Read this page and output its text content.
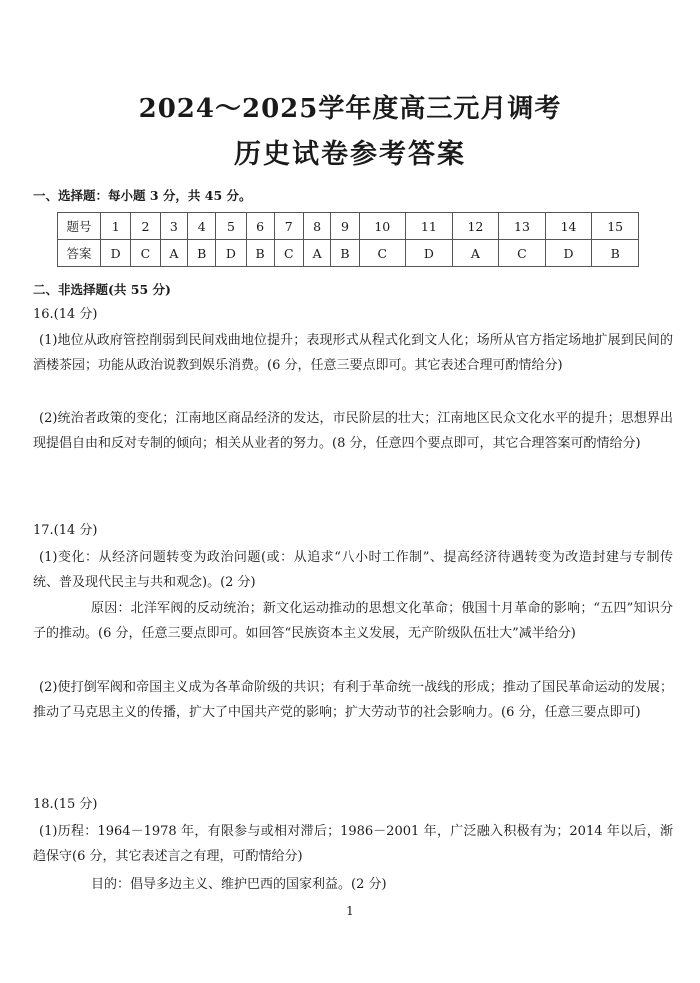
2024～2025学年度高三元月调考
历史试卷参考答案
一、选择题：每小题 3 分，共 45 分。
题号	1	2	3	4	5	6	7	8	9	10	11	12	13	14	15
答案	D	C	A	B	D	B	C	A	B	C	D	A	C	D	B
二、非选择题(共 55 分)

16.(14 分)

(1)地位从政府管控削弱到民间戏曲地位提升；表现形式从程式化到文人化；场所从官方指定场地扩展到民间的酒楼茶园；功能从政治说教到娱乐消费。(6 分，任意三要点即可。其它表述合理可酌情给分)

(2)统治者政策的变化；江南地区商品经济的发达，市民阶层的壮大；江南地区民众文化水平的提升；思想界出现提倡自由和反对专制的倾向；相关从业者的努力。(8 分，任意四个要点即可，其它合理答案可酌情给分)

17.(14 分)

(1)变化：从经济问题转变为政治问题(或：从追求“八小时工作制”、提高经济待遇转变为改造封建与专制传统、普及现代民主与共和观念)。(2 分)

原因：北洋军阀的反动统治；新文化运动推动的思想文化革命；俄国十月革命的影响；“五四”知识分子的推动。(6 分，任意三要点即可。如回答“民族资本主义发展，无产阶级队伍壮大”减半给分)

(2)使打倒军阀和帝国主义成为各革命阶级的共识；有利于革命统一战线的形成；推动了国民革命运动的发展；推动了马克思主义的传播，扩大了中国共产党的影响；扩大劳动节的社会影响力。(6 分，任意三要点即可)

18.(15 分)

(1)历程：1964－1978 年，有限参与或相对滞后；1986－2001 年，广泛融入积极有为；2014 年以后，渐趋保守(6 分，其它表述言之有理，可酌情给分)

目的：倡导多边主义、维护巴西的国家利益。(2 分)

1
